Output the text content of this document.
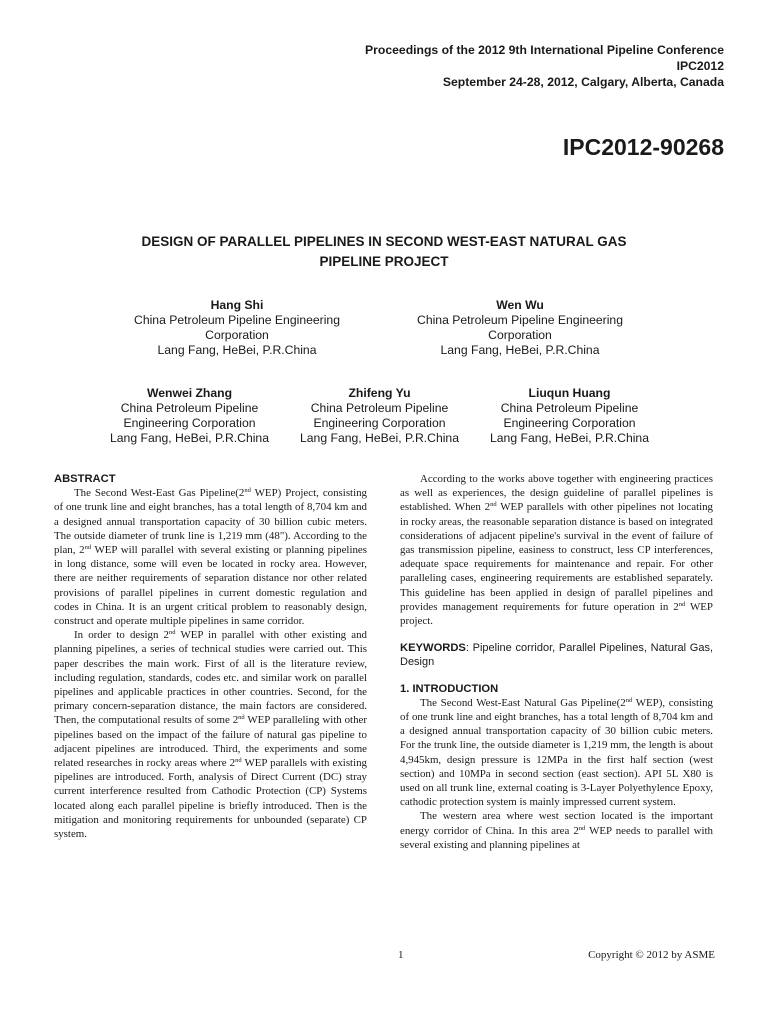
Proceedings of the 2012 9th International Pipeline Conference
IPC2012
September 24-28, 2012, Calgary, Alberta, Canada
IPC2012-90268
DESIGN OF PARALLEL PIPELINES IN SECOND WEST-EAST NATURAL GAS
PIPELINE PROJECT
Hang Shi
China Petroleum Pipeline Engineering
Corporation
Lang Fang, HeBei, P.R.China
Wen Wu
China Petroleum Pipeline Engineering
Corporation
Lang Fang, HeBei, P.R.China
Wenwei Zhang
China Petroleum Pipeline
Engineering Corporation
Lang Fang, HeBei, P.R.China
Zhifeng Yu
China Petroleum Pipeline
Engineering Corporation
Lang Fang, HeBei, P.R.China
Liuqun Huang
China Petroleum Pipeline
Engineering Corporation
Lang Fang, HeBei, P.R.China
ABSTRACT

The Second West-East Gas Pipeline(2nd WEP) Project, consisting of one trunk line and eight branches, has a total length of 8,704 km and a designed annual transportation capacity of 30 billion cubic meters. The outside diameter of trunk line is 1,219 mm (48"). According to the plan, 2nd WEP will parallel with several existing or planning pipelines in long distance, some will even be located in rocky area. However, there are neither requirements of separation distance nor other related provisions of parallel pipelines in current domestic regulation and codes in China. It is an urgent critical problem to reasonably design, construct and operate multiple pipelines in same corridor.

In order to design 2nd WEP in parallel with other existing and planning pipelines, a series of technical studies were carried out. This paper describes the main work. First of all is the literature review, including regulation, standards, codes etc. and similar work on parallel pipelines and applicable practices in other countries. Second, for the primary concern-separation distance, the main factors are considered. Then, the computational results of some 2nd WEP paralleling with other pipelines based on the impact of the failure of natural gas pipeline to adjacent pipelines are introduced. Third, the experiments and some related researches in rocky areas where 2nd WEP parallels with existing pipelines are introduced. Forth, analysis of Direct Current (DC) stray current interference resulted from Cathodic Protection (CP) Systems located along each parallel pipeline is briefly introduced. Then is the mitigation and monitoring requirements for unbounded (separate) CP system.

According to the works above together with engineering practices as well as experiences, the design guideline of parallel pipelines is established. When 2nd WEP parallels with other pipelines not locating in rocky areas, the reasonable separation distance is based on integrated considerations of adjacent pipeline's survival in the event of failure of gas transmission pipeline, easiness to construct, less CP interferences, adequate space requirements for maintenance and repair. For other paralleling cases, engineering requirements are established separately. This guideline has been applied in design of parallel pipelines and provides management requirements for future operation in 2nd WEP project.

KEYWORDS: Pipeline corridor, Parallel Pipelines, Natural Gas, Design

1. INTRODUCTION

The Second West-East Natural Gas Pipeline(2nd WEP), consisting of one trunk line and eight branches, has a total length of 8,704 km and a designed annual transportation capacity of 30 billion cubic meters. For the trunk line, the outside diameter is 1,219 mm, the length is about 4,945km, design pressure is 12MPa in the first half section (west section) and 10MPa in second section (east section). API 5L X80 is used on all trunk line, external coating is 3-Layer Polyethylence Epoxy, cathodic protection system is mainly impressed current system.

The western area where west section located is the important energy corridor of China. In this area 2nd WEP needs to parallel with several existing and planning pipelines at

1	Copyright © 2012 by ASME
